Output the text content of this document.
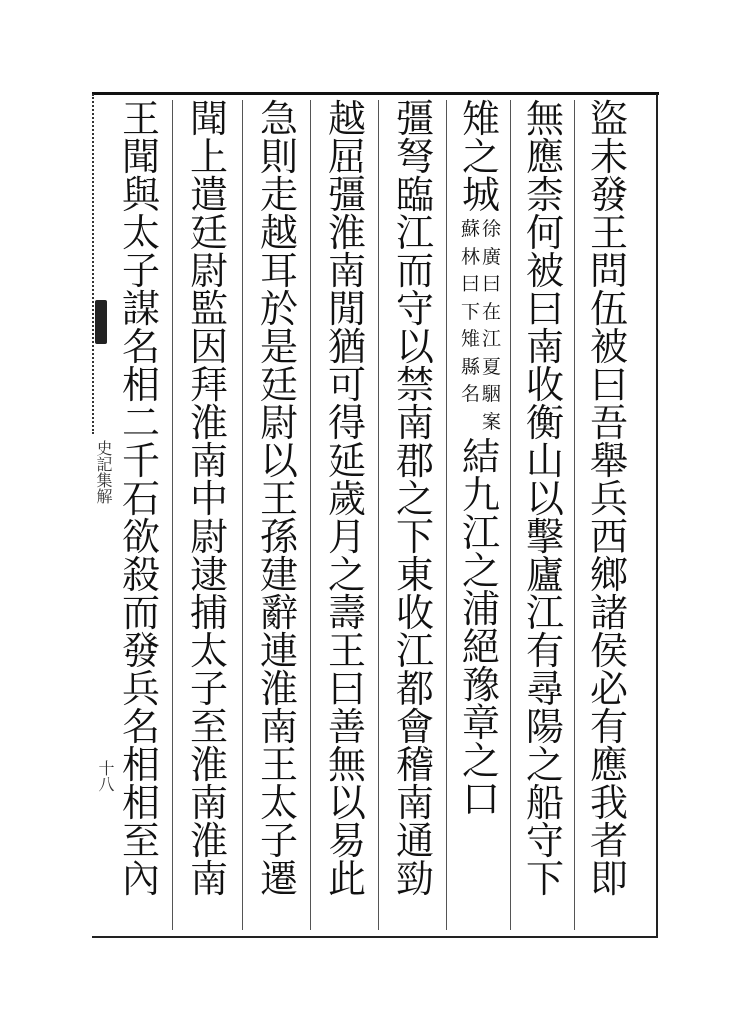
史記集解
十八
盜
未
發
王
問
伍
被
曰
吾
舉
兵
西
鄉
諸
侯
必
有
應
我
者
即
無
應
柰
何
被
曰
南
收
衡
山
以
擊
廬
江
有
尋
陽
之
船
守
下
雉
之
城
徐
廣
曰
在
江
夏
駰
案
蘇
林
曰
下
雉
縣
名
結
九
江
之
浦
絕
豫
章
之
口
彊
弩
臨
江
而
守
以
禁
南
郡
之
下
東
收
江
都
會
稽
南
通
勁
越
屈
彊
淮
南
閒
猶
可
得
延
歲
月
之
壽
王
曰
善
無
以
易
此
急
則
走
越
耳
於
是
廷
尉
以
王
孫
建
辭
連
淮
南
王
太
子
遷
聞
上
遣
廷
尉
監
因
拜
淮
南
中
尉
逮
捕
太
子
至
淮
南
淮
南
王
聞
與
太
子
謀
名
相
二
千
石
欲
殺
而
發
兵
名
相
相
至
內
